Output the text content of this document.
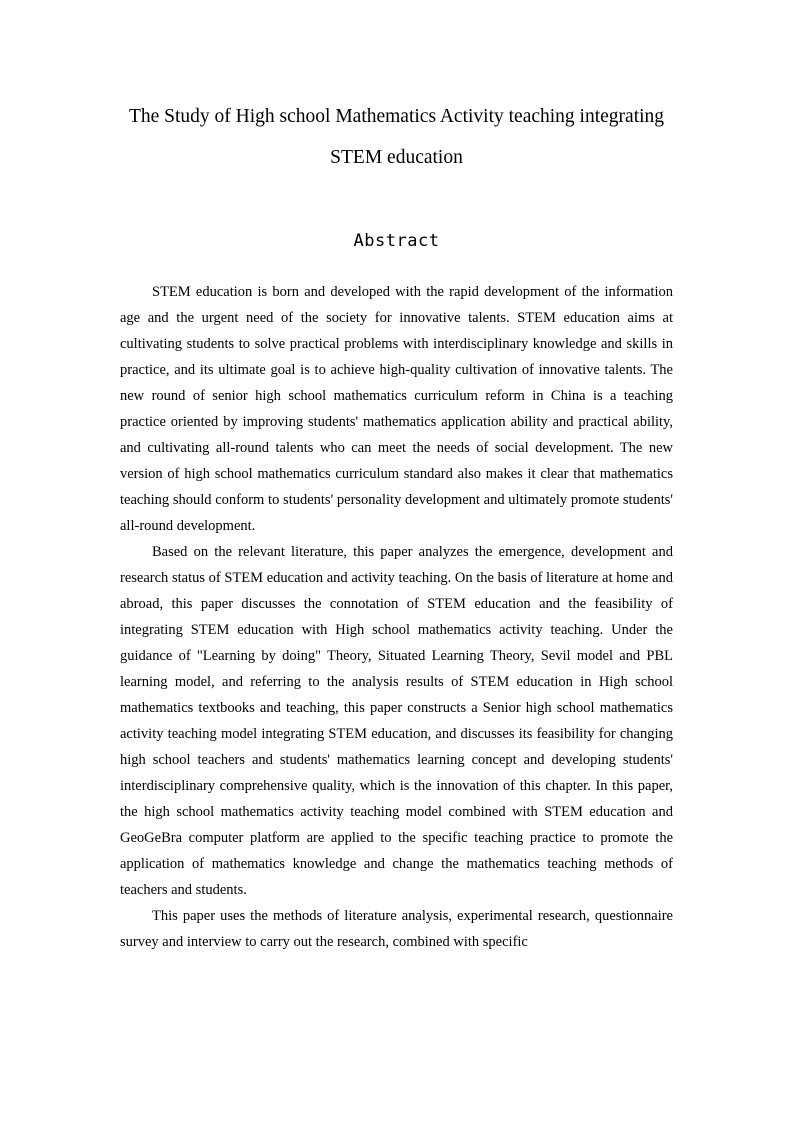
The Study of High school Mathematics Activity teaching integrating
STEM education
Abstract

STEM education is born and developed with the rapid development of the information age and the urgent need of the society for innovative talents. STEM education aims at cultivating students to solve practical problems with interdisciplinary knowledge and skills in practice, and its ultimate goal is to achieve high-quality cultivation of innovative talents. The new round of senior high school mathematics curriculum reform in China is a teaching practice oriented by improving students' mathematics application ability and practical ability, and cultivating all-round talents who can meet the needs of social development. The new version of high school mathematics curriculum standard also makes it clear that mathematics teaching should conform to students' personality development and ultimately promote students' all-round development.

Based on the relevant literature, this paper analyzes the emergence, development and research status of STEM education and activity teaching. On the basis of literature at home and abroad, this paper discusses the connotation of STEM education and the feasibility of integrating STEM education with High school mathematics activity teaching. Under the guidance of "Learning by doing" Theory, Situated Learning Theory, Sevil model and PBL learning model, and referring to the analysis results of STEM education in High school mathematics textbooks and teaching, this paper constructs a Senior high school mathematics activity teaching model integrating STEM education, and discusses its feasibility for changing high school teachers and students' mathematics learning concept and developing students' interdisciplinary comprehensive quality, which is the innovation of this chapter. In this paper, the high school mathematics activity teaching model combined with STEM education and GeoGeBra computer platform are applied to the specific teaching practice to promote the application of mathematics knowledge and change the mathematics teaching methods of teachers and students.

This paper uses the methods of literature analysis, experimental research, questionnaire survey and interview to carry out the research, combined with specific
